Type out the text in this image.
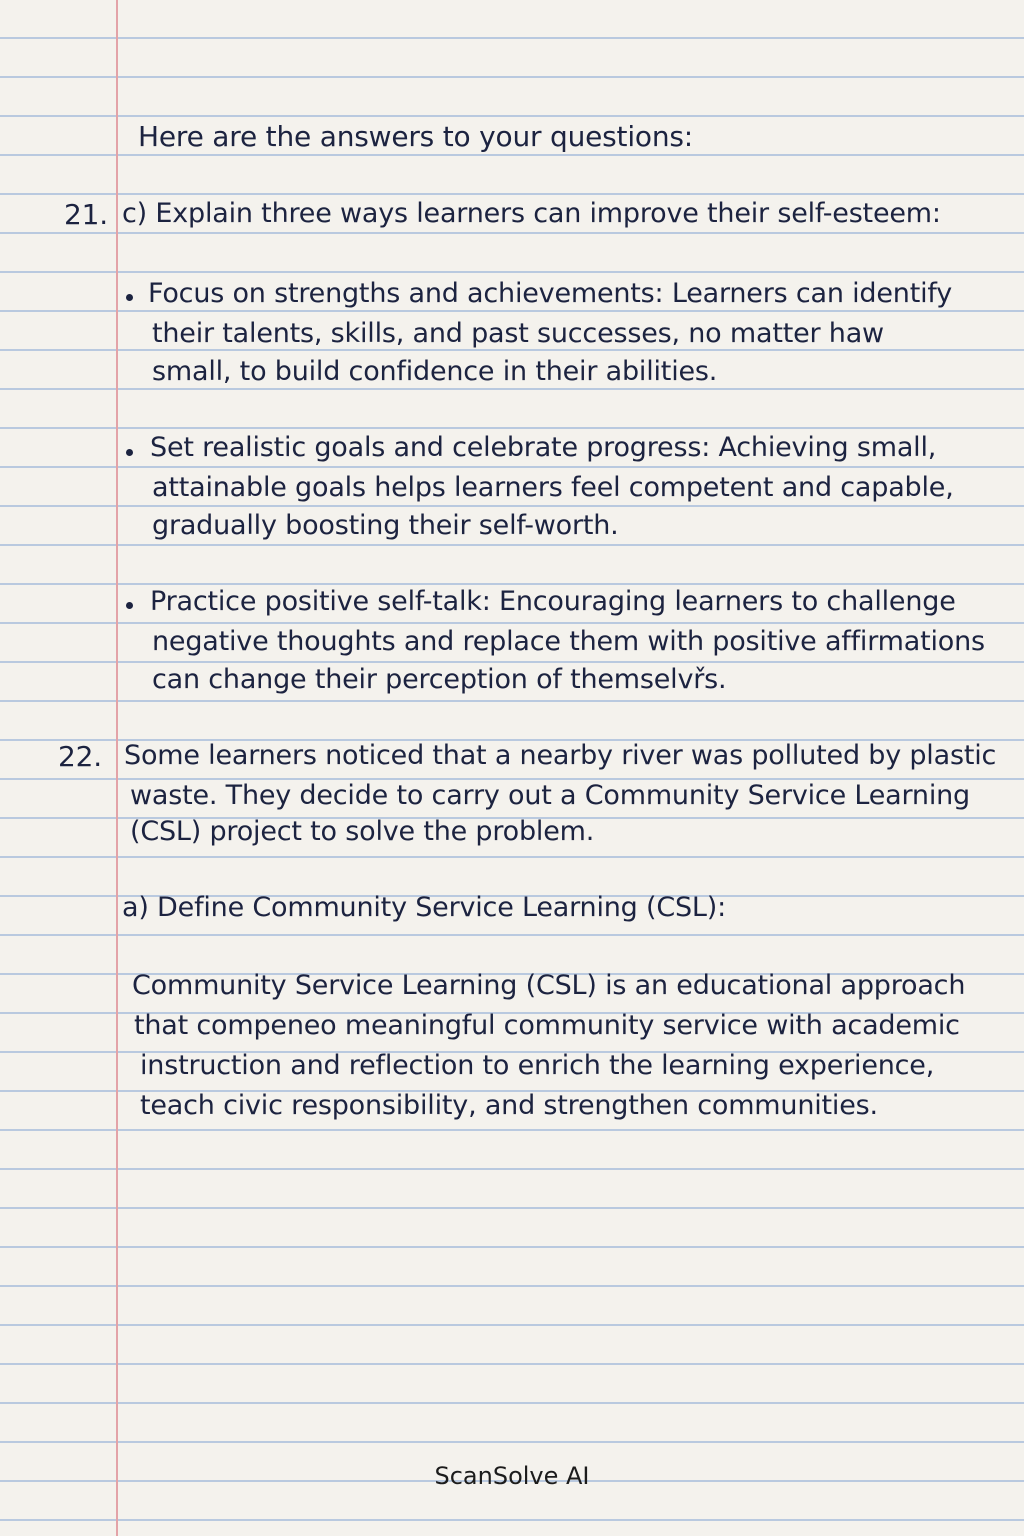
Here are the answers to your questions:
21. c) Explain three ways learners can improve their self-esteem:
Focus on strengths and achievements: Learners can identify
their talents, skills, and past successes, no matter haw
small, to build confidence in their abilities.
Set realistic goals and celebrate progress: Achieving small,
attainable goals helps learners feel competent and capable,
gradually boosting their self-worth.
Practice positive self-talk: Encouraging learners to challenge
negative thoughts and replace them with positive affirmations
can change their perception of themselvřs.
22. Some learners noticed that a nearby river was polluted by plastic
waste. They decide to carry out a Community Service Learning
(CSL) project to solve the problem.
a) Define Community Service Learning (CSL):
Community Service Learning (CSL) is an educational approach
that compeneo meaningful community service with academic
instruction and reflection to enrich the learning experience,
teach civic responsibility, and strengthen communities.
ScanSolve AI
